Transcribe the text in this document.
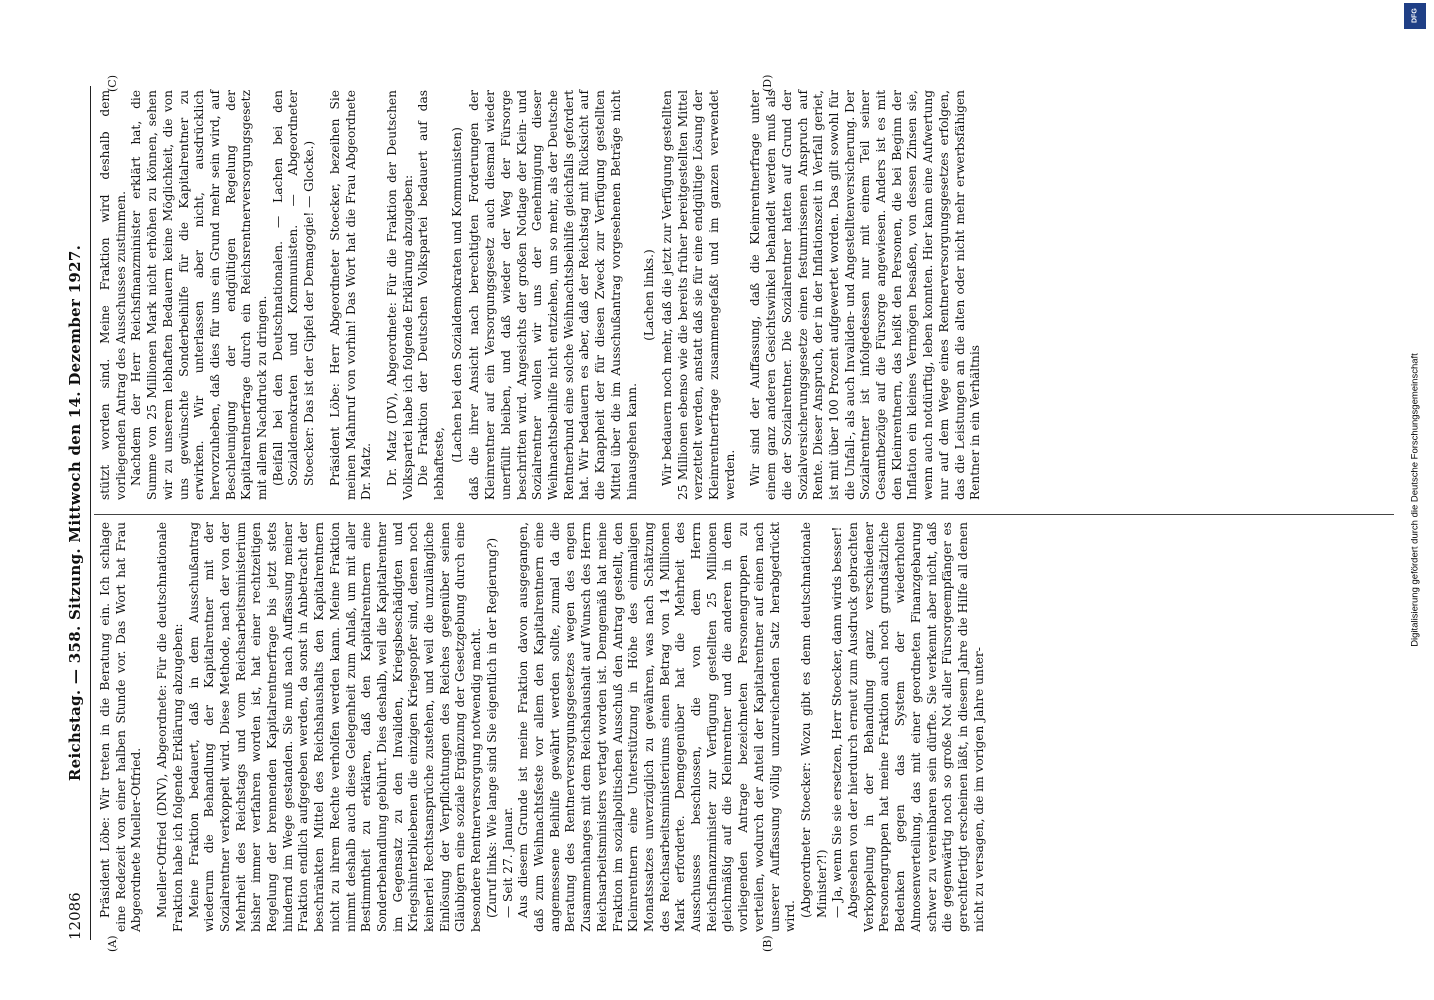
Reichstag. — 358. Sitzung. Mittwoch den 14. Dezember 1927.
12086
(A)	(B)
(C)	(D)

Präsident Löbe: Wir treten in die Beratung ein. Ich schlage eine Redezeit von einer halben Stunde vor. Das Wort hat Frau Abgeordnete Mueller-Otfried. Mueller-Otfried (DNV), Abgeordnete: Für die deutschnationale Fraktion habe ich folgende Erklärung abzugeben: Meine Fraktion bedauert, daß in dem Ausschußantrag wiederum die Behandlung der Kapitalrentner mit der Sozialrentner verkoppelt wird. Diese Methode, nach der von der Mehrheit des Reichstags und vom Reichsarbeitsministerium bisher immer verfahren worden ist, hat einer rechtzeitigen Regelung der brennenden Kapitalrentnerfrage bis jetzt stets hindernd im Wege gestanden. Sie muß nach Auffassung meiner Fraktion endlich aufgegeben werden, da sonst in Anbetracht der beschränkten Mittel des Reichshaushalts den Kapitalrentnern nicht zu ihrem Rechte verholfen werden kann. Meine Fraktion nimmt deshalb auch diese Gelegenheit zum Anlaß, um mit aller Bestimmtheit zu erklären, daß den Kapitalrentnern eine Sonderbehandlung gebührt. Dies deshalb, weil die Kapitalrentner im Gegensatz zu den Invaliden, Kriegsbeschädigten und Kriegshinterbliebenen die einzigen Kriegsopfer sind, denen noch keinerlei Rechtsansprüche zustehen, und weil die unzulängliche Einlösung der Verpflichtungen des Reiches gegenüber seinen Gläubigern eine soziale Ergänzung der Gesetzgebung durch eine besondere Rentnerversorgung notwendig macht. (Zuruf links: Wie lange sind Sie eigentlich in der Regierung?) — Seit 27. Januar. Aus diesem Grunde ist meine Fraktion davon ausgegangen, daß zum Weihnachtsfeste vor allem den Kapitalrentnern eine angemessene Beihilfe gewährt werden sollte, zumal da die Beratung des Rentnerversorgungsgesetzes wegen des engen Zusammenhanges mit dem Reichshaushalt auf Wunsch des Herrn Reichsarbeitsministers vertagt worden ist. Demgemäß hat meine Fraktion im sozialpolitischen Ausschuß den Antrag gestellt, den Kleinrentnern eine Unterstützung in Höhe des einmaligen Monatssatzes unverzüglich zu gewähren, was nach Schätzung des Reichsarbeitsministeriums einen Betrag von 14 Millionen Mark erforderte. Demgegenüber hat die Mehrheit des Ausschusses beschlossen, die von dem Herrn Reichsfinanzminister zur Verfügung gestellten 25 Millionen gleichmäßig auf die Kleinrentner und die anderen in dem vorliegenden Antrage bezeichneten Personengruppen zu verteilen, wodurch der Anteil der Kapitalrentner auf einen nach unserer Auffassung völlig unzureichenden Satz herabgedrückt wird. (Abgeordneter Stoecker: Wozu gibt es denn deutschnationale Minister?!) — Ja, wenn Sie sie ersetzen, Herr Stoecker, dann wirds besser! Abgesehen von der hierdurch erneut zum Ausdruck gebrachten Verkoppelung in der Behandlung ganz verschiedener Personengruppen hat meine Fraktion auch noch grundsätzliche Bedenken gegen das System der wiederholten Almosenverteilung, das mit einer geordneten Finanzgebarung schwer zu vereinbaren sein dürfte. Sie verkennt aber nicht, daß die gegenwärtig noch so große Not aller Fürsorgeempfänger es gerechtfertigt erscheinen läßt, in diesem Jahre die Hilfe all denen nicht zu versagen, die im vorigen Jahre unter-

stützt worden sind. Meine Fraktion wird deshalb dem vorliegenden Antrag des Ausschusses zustimmen. Nachdem der Herr Reichsfinanzminister erklärt hat, die Summe von 25 Millionen Mark nicht erhöhen zu können, sehen wir zu unserem lebhaften Bedauern keine Möglichkeit, die von uns gewünschte Sonderbeihilfe für die Kapitalrentner zu erwirken. Wir unterlassen aber nicht, ausdrücklich hervorzuheben, daß dies für uns ein Grund mehr sein wird, auf Beschleunigung der endgültigen Regelung der Kapitalrentnerfrage durch ein Reichsrentnerversorgungsgesetz mit allem Nachdruck zu dringen. (Beifall bei den Deutschnationalen. — Lachen bei den Sozialdemokraten und Kommunisten. — Abgeordneter Stoecker: Das ist der Gipfel der Demagogie! — Glocke.) Präsident Löbe: Herr Abgeordneter Stoecker, bezeihen Sie meinen Mahnruf von vorhin! Das Wort hat die Frau Abgeordnete Dr. Matz. Dr. Matz (DV), Abgeordnete: Für die Fraktion der Deutschen Volkspartei habe ich folgende Erklärung abzugeben: Die Fraktion der Deutschen Volkspartei bedauert auf das lebhafteste,

(Lachen bei den Sozialdemokraten und Kommunisten) daß die ihrer Ansicht nach berechtigten Forderungen der Kleinrentner auf ein Versorgungsgesetz auch diesmal wieder unerfüllt bleiben, und daß wieder der Weg der Fürsorge beschritten wird. Angesichts der großen Notlage der Klein- und Sozialrentner wollen wir uns der Genehmigung dieser Weihnachtsbeihilfe nicht entziehen, um so mehr, als der Deutsche Rentnerbund eine solche Weihnachtsbeihilfe gleichfalls gefordert hat. Wir bedauern es aber, daß der Reichstag mit Rücksicht auf die Knappheit der für diesen Zweck zur Verfügung gestellten Mittel über die im Ausschußantrag vorgesehenen Beträge nicht hinausgehen kann.

(Lachen links.) Wir bedauern noch mehr, daß die jetzt zur Verfügung gestellten 25 Millionen ebenso wie die bereits früher bereitgestellten Mittel verzettelt werden, anstatt daß sie für eine endgültige Lösung der Kleinrentnerfrage zusammengefaßt und im ganzen verwendet werden. Wir sind der Auffassung, daß die Kleinrentnerfrage unter einem ganz anderen Gesichtswinkel behandelt werden muß als die der Sozialrentner. Die Sozialrentner hatten auf Grund der Sozialversicherungsgesetze einen festumrissenen Anspruch auf Rente. Dieser Anspruch, der in der Inflationszeit in Verfall geriet, ist mit über 100 Prozent aufgewertet worden. Das gilt sowohl für die Unfall-, als auch Invaliden- und Angestelltenversicherung. Der Sozialrentner ist infolgedessen nur mit einem Teil seiner Gesamtbezüge auf die Fürsorge angewiesen. Anders ist es mit den Kleinrentnern, das heißt den Personen, die bei Beginn der Inflation ein kleines Vermögen besaßen, von dessen Zinsen sie, wenn auch notdürftig, leben konnten. Hier kann eine Aufwertung nur auf dem Wege eines Rentnerversorgungsgesetzes erfolgen, das die Leistungen an die alten oder nicht mehr erwerbsfähigen Rentner in ein Verhältnis

DFG
Digitalisierung gefördert durch die Deutsche Forschungsgemeinschaft
